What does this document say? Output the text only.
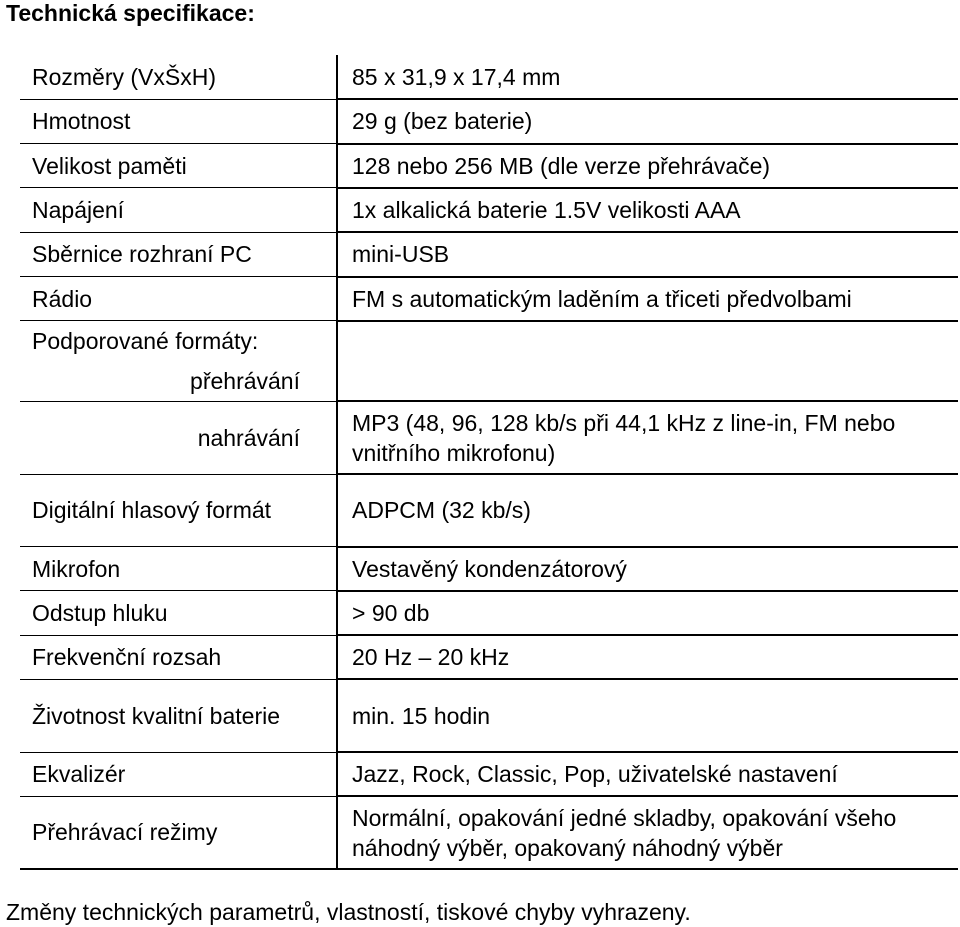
Technická specifikace:
Rozměry (VxŠxH)	85 x 31,9 x 17,4 mm
Hmotnost	29 g (bez baterie)
Velikost paměti	128 nebo 256 MB (dle verze přehrávače)
Napájení	1x alkalická baterie 1.5V velikosti AAA
Sběrnice rozhraní PC	mini-USB
Rádio	FM s automatickým laděním a třiceti předvolbami
Podporované formáty:	
přehrávání	
nahrávání	MP3 (48, 96, 128 kb/s při 44,1 kHz z line-in, FM nebo vnitřního mikrofonu)
Digitální hlasový formát	ADPCM (32 kb/s)
Mikrofon	Vestavěný kondenzátorový
Odstup hluku	> 90 db
Frekvenční rozsah	20 Hz – 20 kHz
Životnost kvalitní baterie	min. 15 hodin
Ekvalizér	Jazz, Rock, Classic, Pop, uživatelské nastavení
Přehrávací režimy	Normální, opakování jedné skladby, opakování všeho náhodný výběr, opakovaný náhodný výběr
Změny technických parametrů, vlastností, tiskové chyby vyhrazeny.
